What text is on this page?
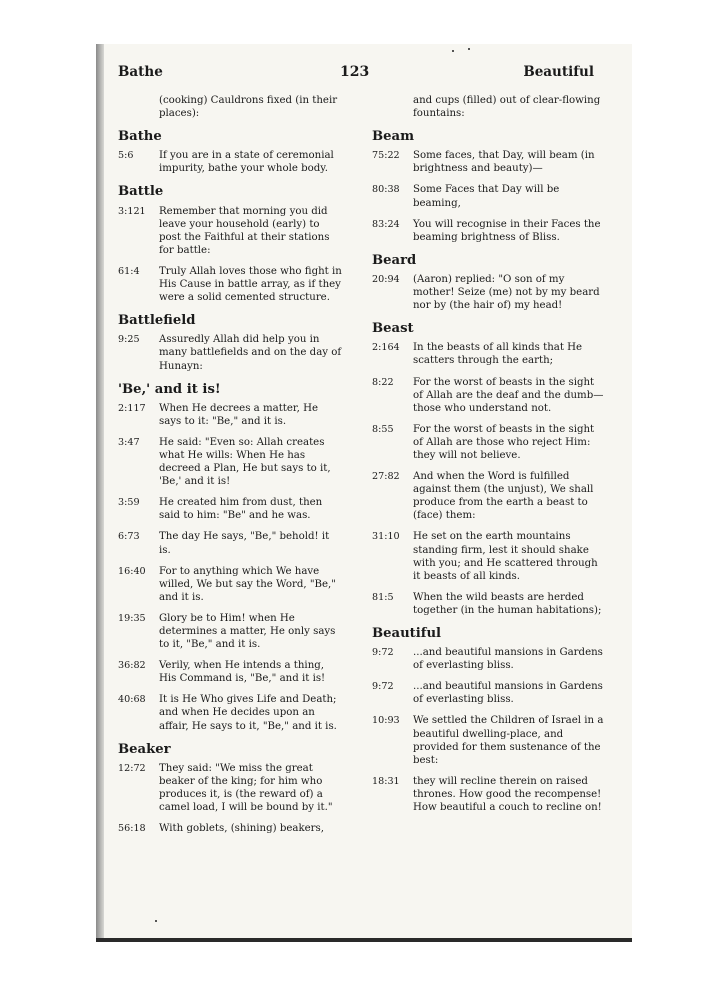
Bathe	123	Beautiful
(cooking) Cauldrons fixed (in their places):
Bathe
5:6	If you are in a state of ceremonial impurity, bathe your whole body.
Battle
3:121	Remember that morning you did leave your household (early) to post the Faithful at their stations for battle:
61:4	Truly Allah loves those who fight in His Cause in battle array, as if they were a solid cemented structure.
Battlefield
9:25	Assuredly Allah did help you in many battlefields and on the day of Hunayn:
'Be,' and it is!
2:117	When He decrees a matter, He says to it: "Be," and it is.
3:47	He said: "Even so: Allah creates what He wills: When He has decreed a Plan, He but says to it, 'Be,' and it is!
3:59	He created him from dust, then said to him: "Be" and he was.
6:73	The day He says, "Be," behold! it is.
16:40	For to anything which We have willed, We but say the Word, "Be," and it is.
19:35	Glory be to Him! when He determines a matter, He only says to it, "Be," and it is.
36:82	Verily, when He intends a thing, His Command is, "Be," and it is!
40:68	It is He Who gives Life and Death; and when He decides upon an affair, He says to it, "Be," and it is.
Beaker
12:72	They said: "We miss the great beaker of the king; for him who produces it, is (the reward of) a camel load, I will be bound by it."
56:18	With goblets, (shining) beakers,
and cups (filled) out of clear-flowing fountains:
Beam
75:22	Some faces, that Day, will beam (in brightness and beauty)—
80:38	Some Faces that Day will be beaming,
83:24	You will recognise in their Faces the beaming brightness of Bliss.
Beard
20:94	(Aaron) replied: "O son of my mother! Seize (me) not by my beard nor by (the hair of) my head!
Beast
2:164	In the beasts of all kinds that He scatters through the earth;
8:22	For the worst of beasts in the sight of Allah are the deaf and the dumb—those who understand not.
8:55	For the worst of beasts in the sight of Allah are those who reject Him: they will not believe.
27:82	And when the Word is fulfilled against them (the unjust), We shall produce from the earth a beast to (face) them:
31:10	He set on the earth mountains standing firm, lest it should shake with you; and He scattered through it beasts of all kinds.
81:5	When the wild beasts are herded together (in the human habitations);
Beautiful
9:72	...and beautiful mansions in Gardens of everlasting bliss.
9:72	...and beautiful mansions in Gardens of everlasting bliss.
10:93	We settled the Children of Israel in a beautiful dwelling-place, and provided for them sustenance of the best:
18:31	they will recline therein on raised thrones. How good the recompense! How beautiful a couch to recline on!
